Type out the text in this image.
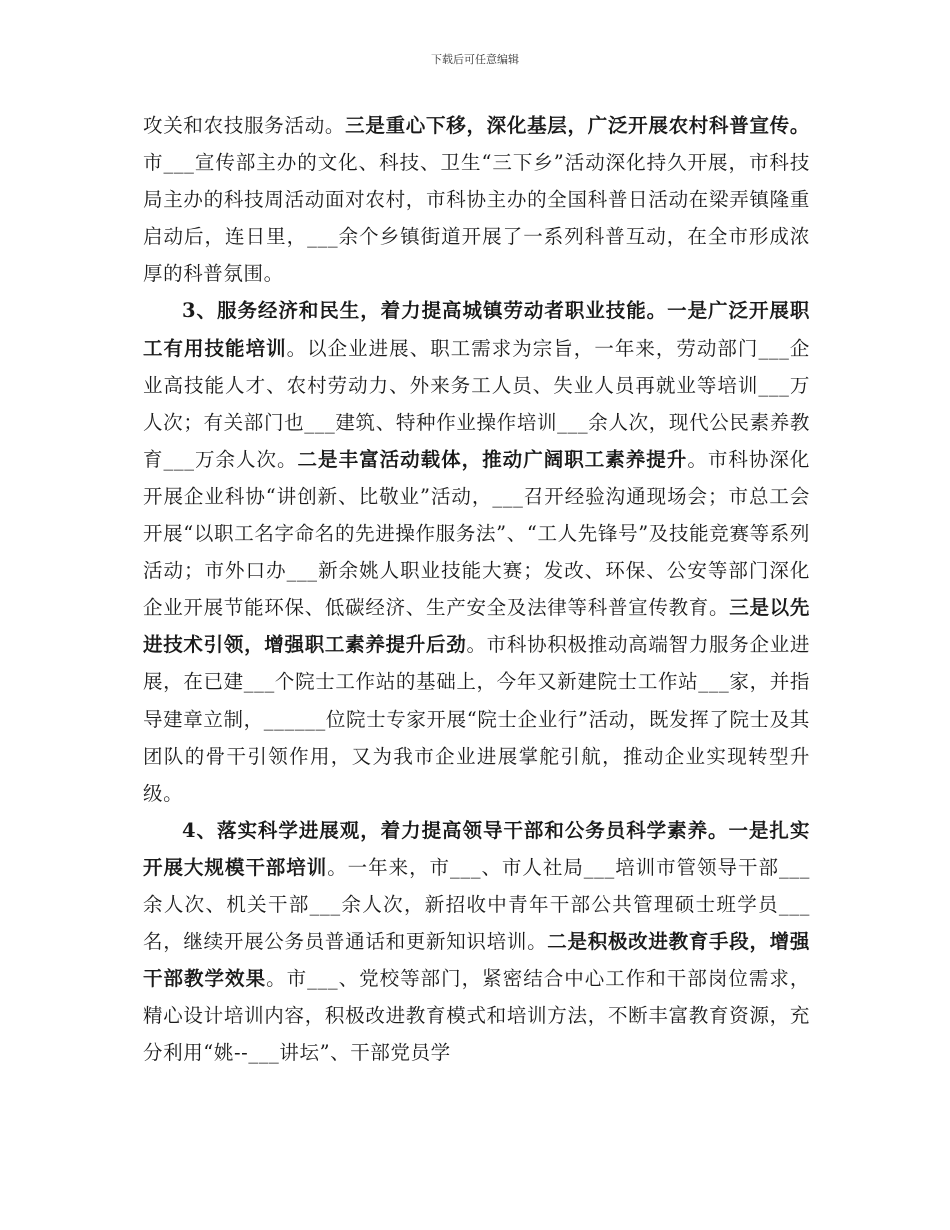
下载后可任意编辑

攻关和农技服务活动。三是重心下移，深化基层，广泛开展农村科普宣传。市___宣传部主办的文化、科技、卫生“三下乡”活动深化持久开展，市科技局主办的科技周活动面对农村，市科协主办的全国科普日活动在梁弄镇隆重启动后，连日里，___余个乡镇街道开展了一系列科普互动，在全市形成浓厚的科普氛围。

3、服务经济和民生，着力提高城镇劳动者职业技能。一是广泛开展职工有用技能培训。以企业进展、职工需求为宗旨，一年来，劳动部门___企业高技能人才、农村劳动力、外来务工人员、失业人员再就业等培训___万人次；有关部门也___建筑、特种作业操作培训___余人次，现代公民素养教育___万余人次。二是丰富活动载体，推动广阔职工素养提升。市科协深化开展企业科协“讲创新、比敬业”活动，___召开经验沟通现场会；市总工会开展“以职工名字命名的先进操作服务法”、“工人先锋号”及技能竞赛等系列活动；市外口办___新余姚人职业技能大赛；发改、环保、公安等部门深化企业开展节能环保、低碳经济、生产安全及法律等科普宣传教育。三是以先进技术引领，增强职工素养提升后劲。市科协积极推动高端智力服务企业进展，在已建___个院士工作站的基础上，今年又新建院士工作站___家，并指导建章立制，______位院士专家开展“院士企业行”活动，既发挥了院士及其团队的骨干引领作用，又为我市企业进展掌舵引航，推动企业实现转型升级。

4、落实科学进展观，着力提高领导干部和公务员科学素养。一是扎实开展大规模干部培训。一年来，市___、市人社局___培训市管领导干部___余人次、机关干部___余人次，新招收中青年干部公共管理硕士班学员___名，继续开展公务员普通话和更新知识培训。二是积极改进教育手段，增强干部教学效果。市___、党校等部门，紧密结合中心工作和干部岗位需求，精心设计培训内容，积极改进教育模式和培训方法，不断丰富教育资源，充分利用“姚--___讲坛”、干部党员学
